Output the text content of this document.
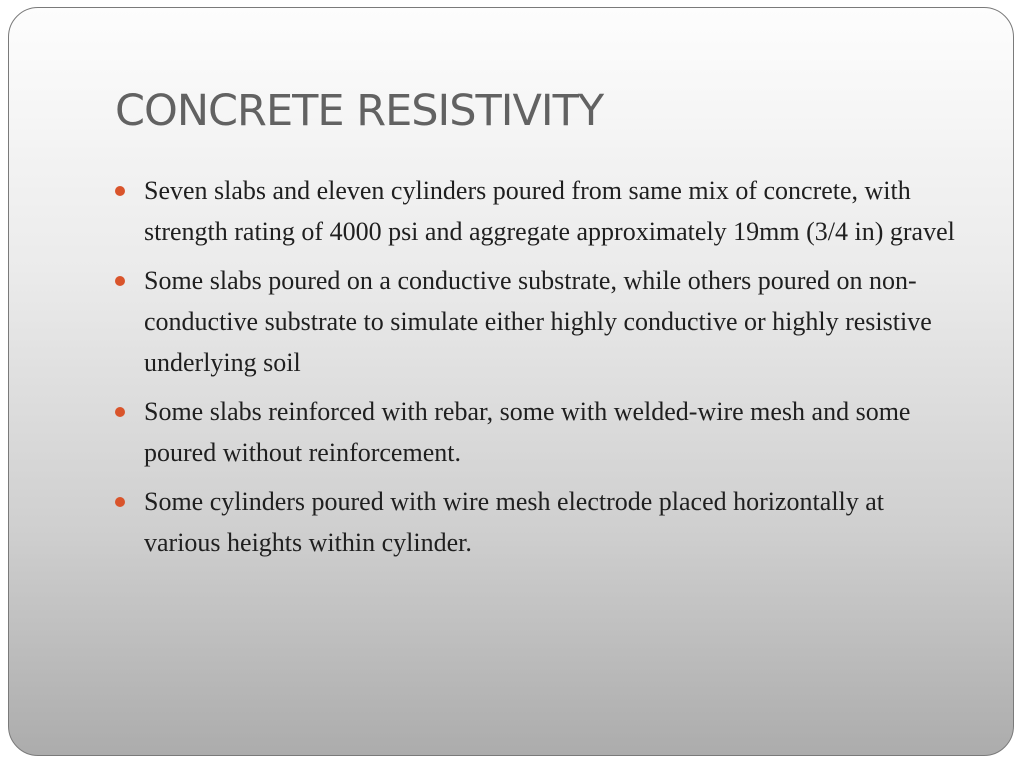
CONCRETE RESISTIVITY
Seven slabs and eleven cylinders poured from same mix of concrete, with strength rating of 4000 psi and aggregate approximately 19mm (3/4 in) gravel
Some slabs poured on a conductive substrate, while others poured on non-conductive substrate to simulate either highly conductive or highly resistive underlying soil
Some slabs reinforced with rebar, some with welded-wire mesh and some poured without reinforcement.
Some cylinders poured with wire mesh electrode placed horizontally at various heights within cylinder.
